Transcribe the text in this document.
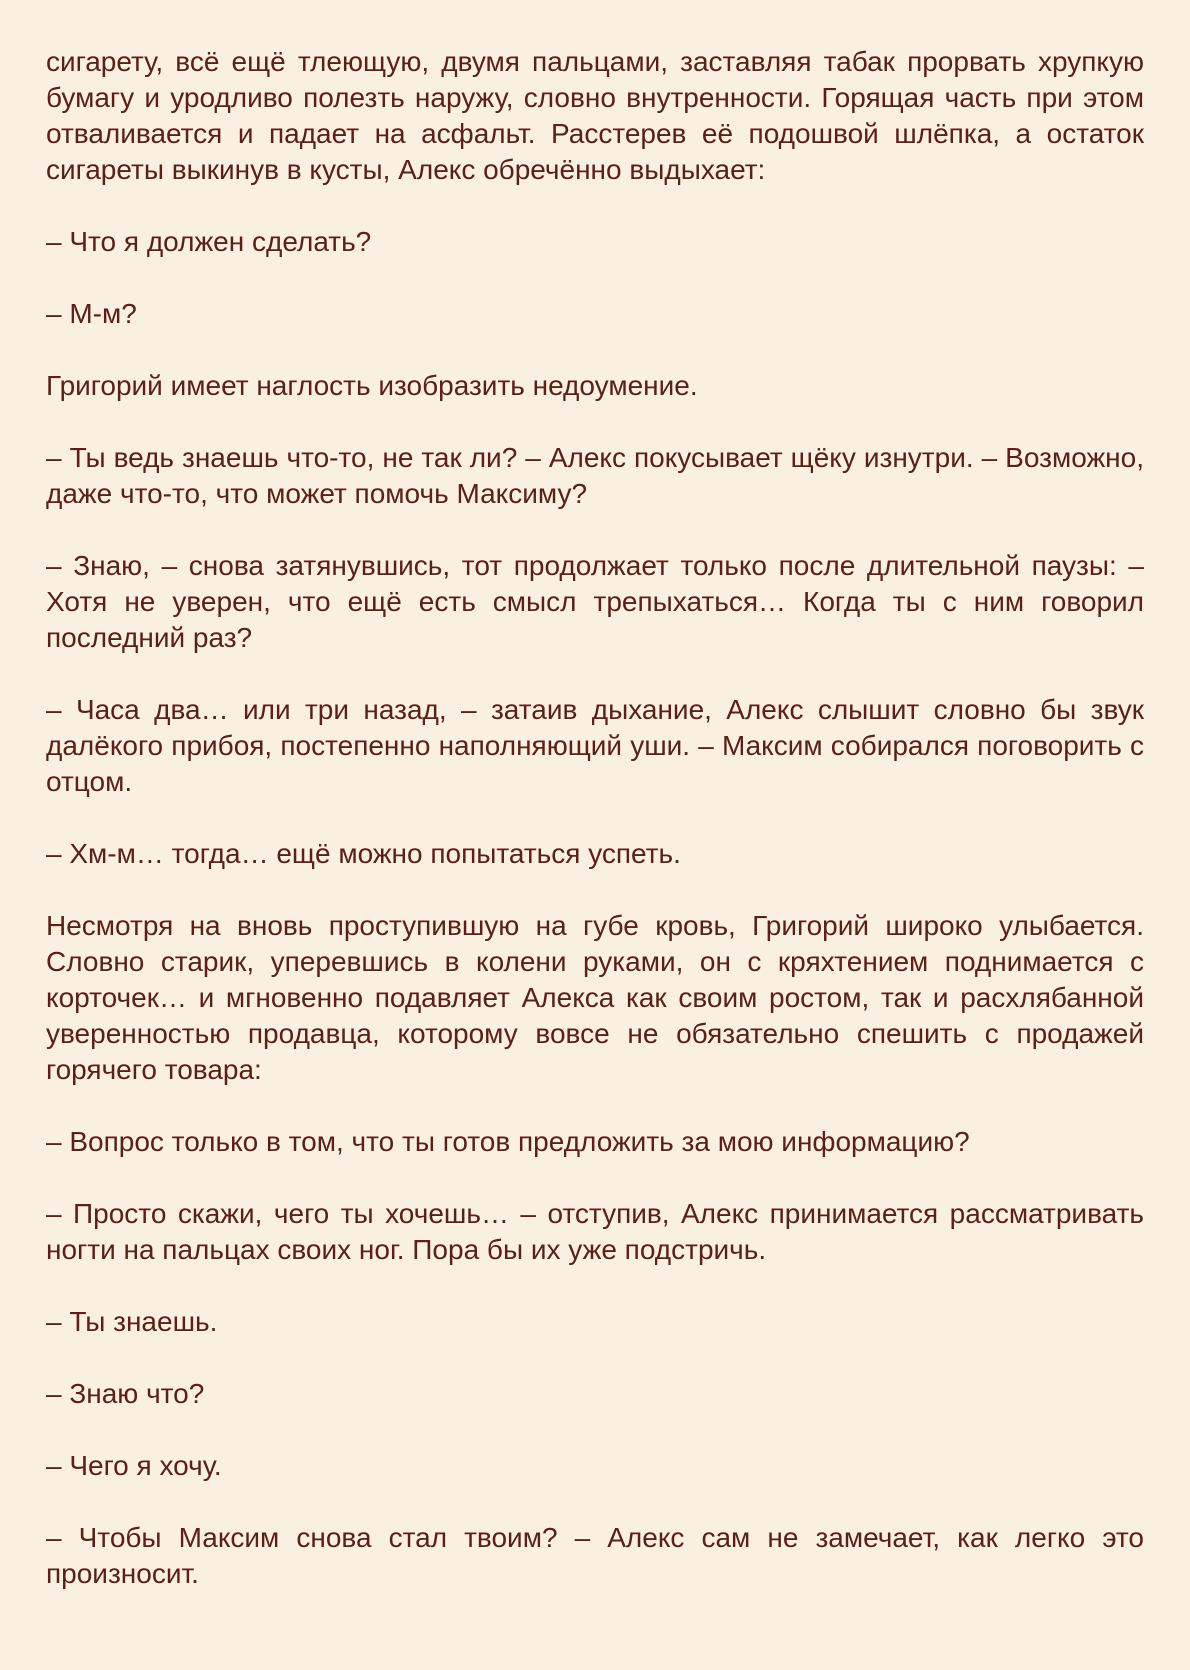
сигарету, всё ещё тлеющую, двумя пальцами, заставляя табак прорвать хрупкую бумагу и уродливо полезть наружу, словно внутренности. Горящая часть при этом отваливается и падает на асфальт. Расстерев её подошвой шлёпка, а остаток сигареты выкинув в кусты, Алекс обречённо выдыхает:

– Что я должен сделать?

– М-м?

Григорий имеет наглость изобразить недоумение.

– Ты ведь знаешь что-то, не так ли? – Алекс покусывает щёку изнутри. – Возможно, даже что-то, что может помочь Максиму?

– Знаю, – снова затянувшись, тот продолжает только после длительной паузы: – Хотя не уверен, что ещё есть смысл трепыхаться… Когда ты с ним говорил последний раз?

– Часа два… или три назад, – затаив дыхание, Алекс слышит словно бы звук далёкого прибоя, постепенно наполняющий уши. – Максим собирался поговорить с отцом.

– Хм-м… тогда… ещё можно попытаться успеть.

Несмотря на вновь проступившую на губе кровь, Григорий широко улыбается. Словно старик, уперевшись в колени руками, он с кряхтением поднимается с корточек… и мгновенно подавляет Алекса как своим ростом, так и расхлябанной уверенностью продавца, которому вовсе не обязательно спешить с продажей горячего товара:

– Вопрос только в том, что ты готов предложить за мою информацию?

– Просто скажи, чего ты хочешь… – отступив, Алекс принимается рассматривать ногти на пальцах своих ног. Пора бы их уже подстричь.

– Ты знаешь.

– Знаю что?

– Чего я хочу.

– Чтобы Максим снова стал твоим? – Алекс сам не замечает, как легко это произносит.
